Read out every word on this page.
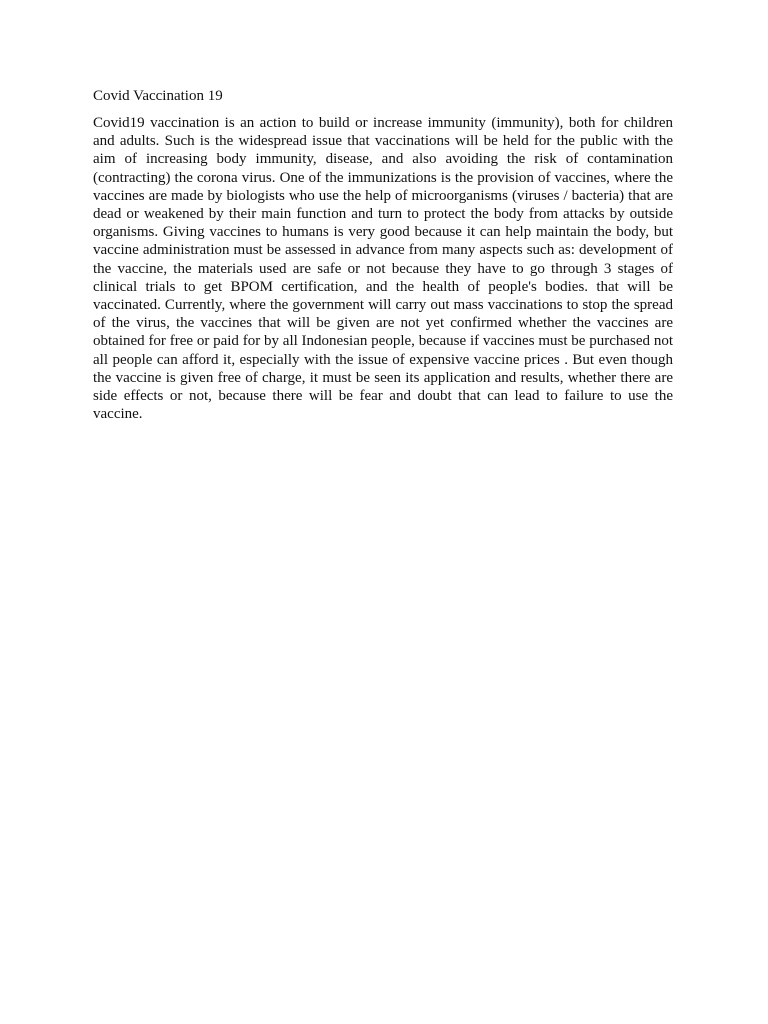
Covid Vaccination 19

Covid19 vaccination is an action to build or increase immunity (immunity), both for children and adults. Such is the widespread issue that vaccinations will be held for the public with the aim of increasing body immunity, disease, and also avoiding the risk of contamination (contracting) the corona virus. One of the immunizations is the provision of vaccines, where the vaccines are made by biologists who use the help of microorganisms (viruses / bacteria) that are dead or weakened by their main function and turn to protect the body from attacks by outside organisms. Giving vaccines to humans is very good because it can help maintain the body, but vaccine administration must be assessed in advance from many aspects such as: development of the vaccine, the materials used are safe or not because they have to go through 3 stages of clinical trials to get BPOM certification, and the health of people's bodies. that will be vaccinated. Currently, where the government will carry out mass vaccinations to stop the spread of the virus, the vaccines that will be given are not yet confirmed whether the vaccines are obtained for free or paid for by all Indonesian people, because if vaccines must be purchased not all people can afford it, especially with the issue of expensive vaccine prices . But even though the vaccine is given free of charge, it must be seen its application and results, whether there are side effects or not, because there will be fear and doubt that can lead to failure to use the vaccine.
